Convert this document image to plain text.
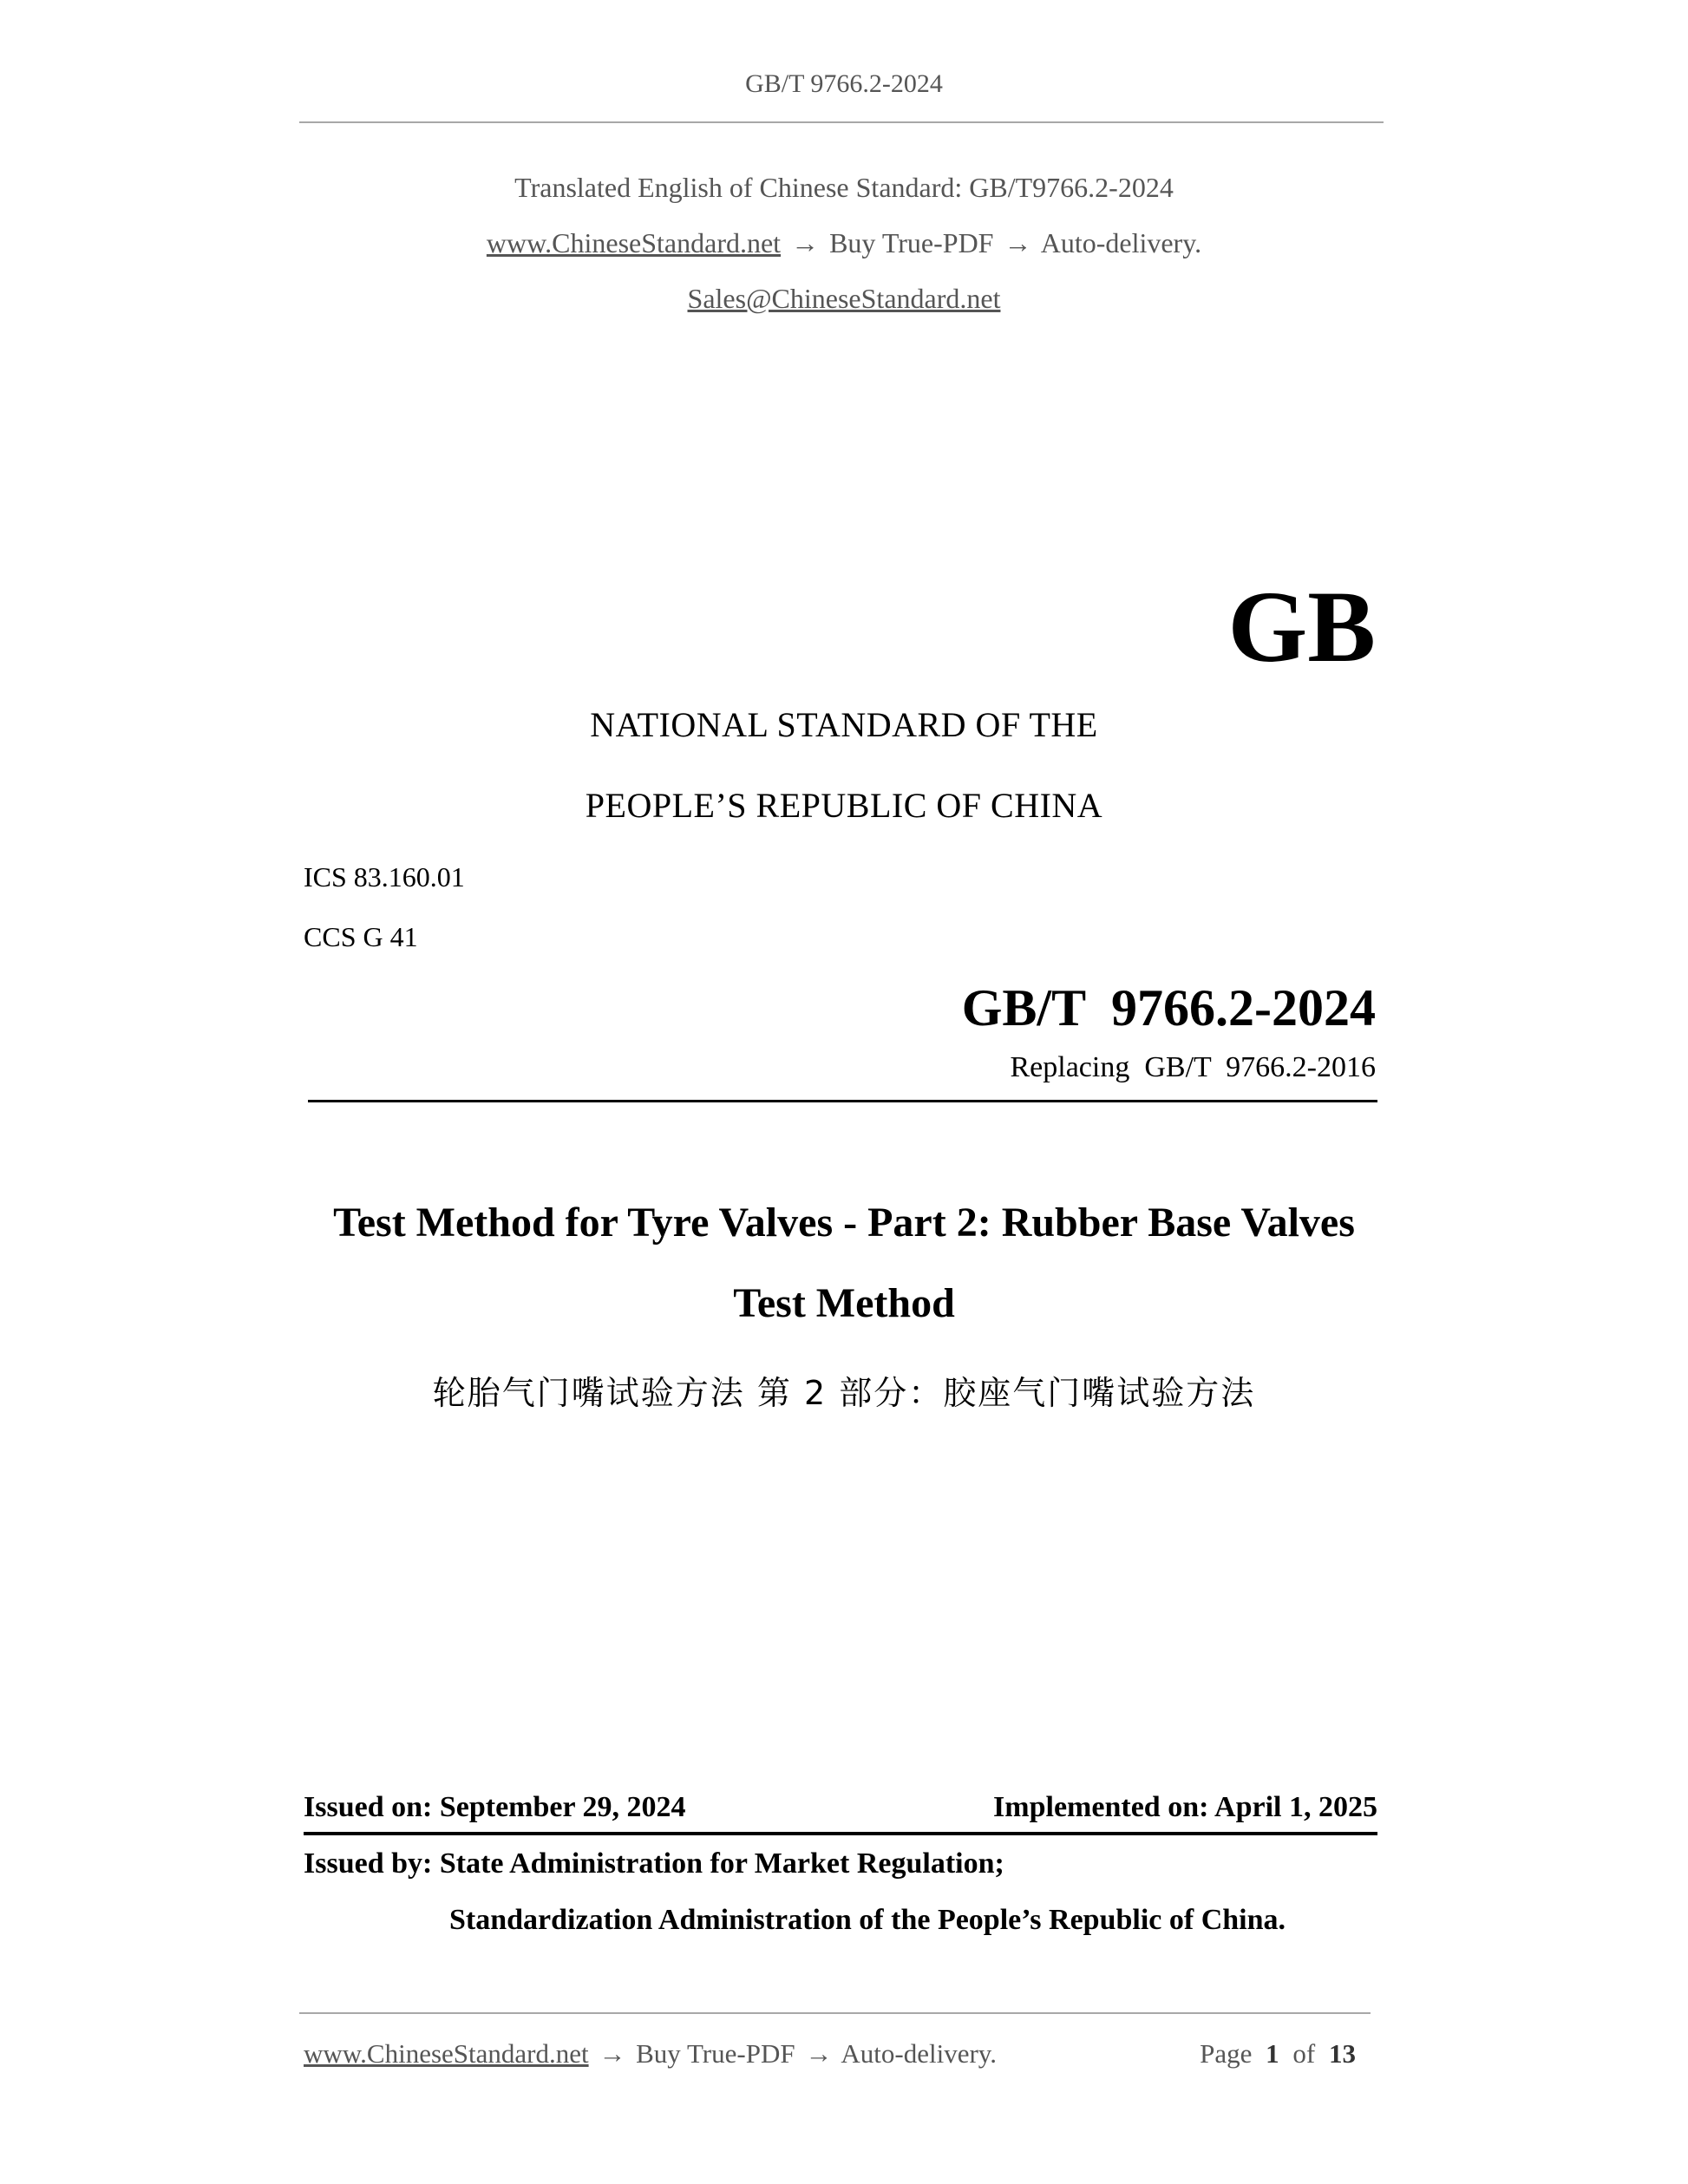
GB/T 9766.2-2024
Translated English of Chinese Standard: GB/T9766.2-2024
www.ChineseStandard.net → Buy True-PDF → Auto-delivery.
Sales@ChineseStandard.net
GB
NATIONAL STANDARD OF THE
PEOPLE’S REPUBLIC OF CHINA
ICS 83.160.01
CCS G 41
GB/T  9766.2-2024
Replacing  GB/T  9766.2-2016
Test Method for Tyre Valves - Part 2: Rubber Base Valves
Test Method
轮胎气门嘴试验方法 第 2 部分：胶座气门嘴试验方法
Issued on: September 29, 2024	Implemented on: April 1, 2025
Issued by: State Administration for Market Regulation;
Standardization Administration of the People’s Republic of China.
www.ChineseStandard.net → Buy True-PDF → Auto-delivery.	Page 1 of 13
